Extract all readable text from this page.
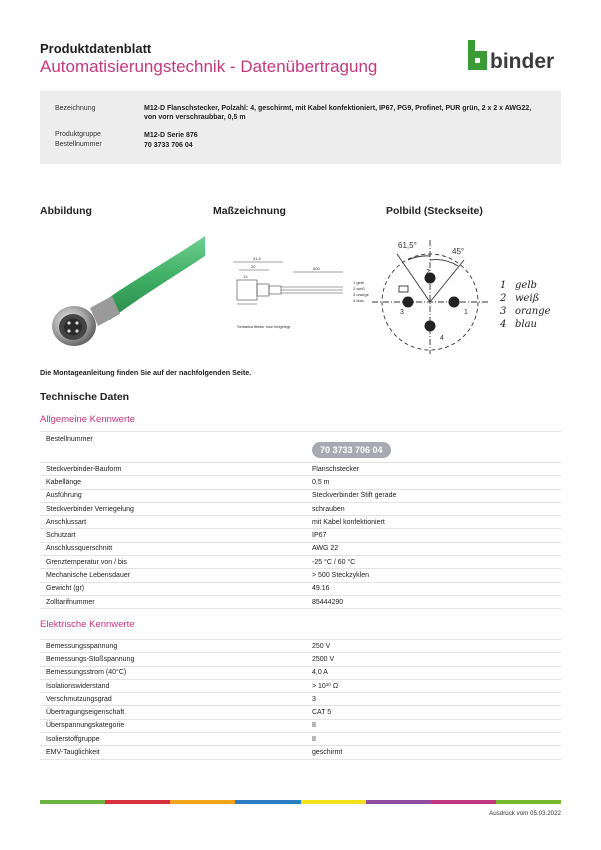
Produktdatenblatt
Automatisierungstechnik - Datenübertragung	binder
Bezeichnung	M12-D Flanschstecker, Polzahl: 4, geschirmt, mit Kabel konfektioniert, IP67, PG9, Profinet, PUR grün, 2 x 2 x AWG22,
von vorn verschraubbar, 0,5 m
Produktgruppe	M12-D Serie 876
Bestellnummer	70 3733 706 04
Abbildung	Maßzeichnung	Polbild (Steckseite)
41,5
20
13
500
1 gelb
2 weiß
3 orange
4 blau
Seilabkonfektur lose beigelegt
61,5°
45°
1
2
3
4
1 gelb
2 weiß
3 orange
4 blau
Die Montageanleitung finden Sie auf der nachfolgenden Seite.
Technische Daten
Allgemeine Kennwerte
Bestellnummer	70 3733 706 04
Steckverbinder-Bauform	Flanschstecker
Kabellänge	0,5 m
Ausführung	Steckverbinder Stift gerade
Steckverbinder Verriegelung	schrauben
Anschlussart	mit Kabel konfektioniert
Schutzart	IP67
Anschlussquerschnitt	AWG 22
Grenztemperatur von / bis	-25 °C / 60 °C
Mechanische Lebensdauer	> 500 Steckzyklen
Gewicht (gr)	49.16
Zolltarifnummer	85444290
Elektrische Kennwerte
Bemessungsspannung	250 V
Bemessungs-Stoßspannung	2500 V
Bemessungsstrom (40°C)	4,0 A
Isolationswiderstand	> 10¹⁰ Ω
Verschmutzungsgrad	3
Übertragungseigenschaft	CAT 5
Überspannungskategorie	II
Isolierstoffgruppe	II
EMV-Tauglichkeit	geschirmt
Ausdruck vom 05.03.2022
